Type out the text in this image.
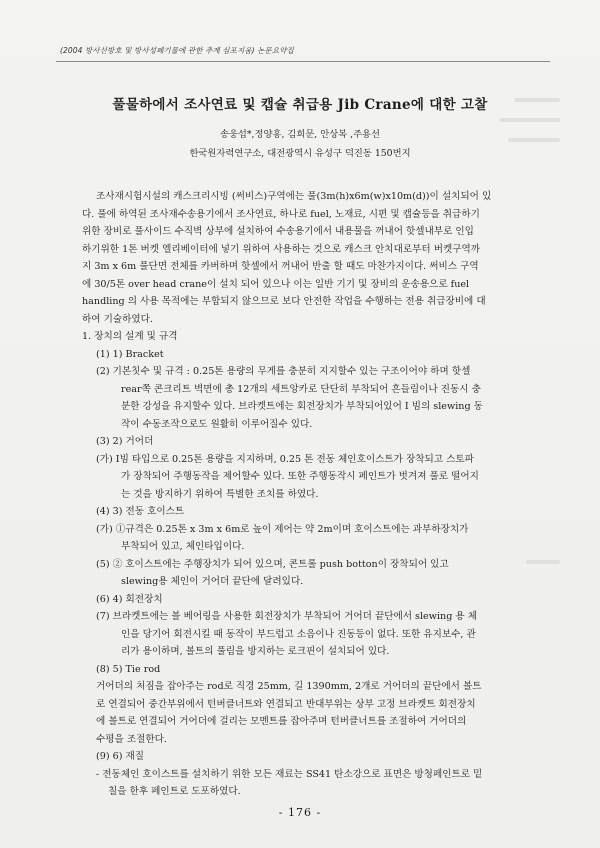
(2004 방사선방호 및 방사성폐기물에 관한 추계 심포지움) 논문요약집
풀물하에서 조사연료 및 캡슐 취급용 Jib Crane에 대한 고찰
송웅섭*,정양홍, 김희문, 안상복 ,주용선
한국원자력연구소, 대전광역시 유성구 덕진동 150번지
조사재시험시설의 캐스크리시빙 (써비스)구역에는 풀(3m(h)x6m(w)x10m(d))이 설치되어 있
다. 풀에 하역된 조사재수송용기에서 조사연료, 하나로 fuel, 노재료, 시편 및 캡슐등을 취급하기
위한 장비로 풀사이드 수직벽 상부에 설치하여 수송용기에서 내용물을 꺼내어 핫셀내부로 인입
하기위한 1톤 버켓 엘리베이터에 넣기 위하여 사용하는 것으로 캐스크 안치대로부터 버켓구역까
지 3m x 6m 풀단면 전체를 카버하며 핫셀에서 꺼내어 반출 할 때도 마찬가지이다. 써비스 구역
에 30/5톤 over head crane이 설치 되어 있으나 이는 일반 기기 및 장비의 운송용으로 fuel
handling 의 사용 목적에는 부합되지 않으므로 보다 안전한 작업을 수행하는 전용 취급장비에 대
하여 기술하였다.
1. 장치의 설계 및 규격
(1) 1) Bracket
(2) 기본칫수 및 규격 : 0.25톤 용량의 무게를 충분히 지지할수 있는 구조이어야 하며 핫셀
rear쪽 콘크리트 벽면에 총 12개의 세트앙카로 단단히 부착되어 흔들림이나 진동시 충
분한 강성을 유지할수 있다. 브라켓트에는 회전장치가 부착되어있어 I 빔의 slewing 동
작이 수동조작으로도 원활히 이루어질수 있다.
(3) 2) 거어더
(가) I빔 타입으로 0.25톤 용량을 지지하며, 0.25 톤 전동 체인호이스트가 장착되고 스토파
가 장착되어 주행동작을 제어할수 있다. 또한 주행동작시 페인트가 벗겨져 풀로 떨어지
는 것을 방지하기 위하여 특별한 조치를 하였다.
(4) 3) 전동 호이스트
(가) ①규격은 0.25톤 x 3m x 6m로 높이 제어는 약 2m이며 호이스트에는 과부하장치가
부착되어 있고, 체인타입이다.
(5) ② 호이스트에는 주행장치가 되어 있으며, 콘트롤 push botton이 장착되어 있고
slewing용 체인이 거어더 끝단에 달려있다.
(6) 4) 회전장치
(7) 브라켓트에는 볼 베어링을 사용한 회전장치가 부착되어 거어더 끝단에서 slewing 용 체
인을 당기어 회전시킬 때 동작이 부드럽고 소음이나 진동등이 없다. 또한 유지보수, 관
리가 용이하며, 볼트의 풀림을 방지하는 로크핀이 설치되어 있다.
(8) 5) Tie rod
거어더의 처짐을 잡아주는 rod로 직경 25mm, 길 1390mm, 2개로 거어더의 끝단에서 볼트
로 연결되어 중간부위에서 턴버클너트와 연결되고 반대부위는 상부 고정 브라켓트 회전장치
에 볼트로 연결되어 거어더에 걸리는 모멘트를 잡아주며 턴버클너트를 조절하여 거어더의
수평을 조절한다.
(9) 6) 재질
- 전동체인 호이스트를 설치하기 위한 모든 재료는 SS41 탄소강으로 표면은 방청페인트로 밑
칠을 한후 페인트로 도포하였다.
- 176 -
